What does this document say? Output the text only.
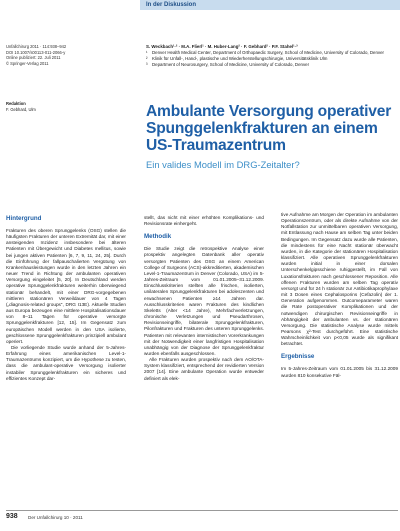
In der Diskussion
Unfallchirurg 2011 · 114:938–942
DOI 10.1007/s00113-011-2066-y
Online publiziert: 22. Juli 2011
© Springer-Verlag 2011
S. Weckbach¹·² · M.A. Flierl¹ · M. Huber-Lang² · F. Gebhard² · P.F. Stahel¹·³
¹	Denver Health Medical Center, Department of Orthopaedic Surgery, School of Medicine, University of Colorado, Denver
²	Klinik für Unfall-, Hand-, plastische und Wiederherstellungschirurgie, Universitätsklinik Ulm
³	Department of Neurosurgery, School of Medicine, University of Colorado, Denver
Redaktion
F. Gebhard, Ulm	Ambulante Versorgung operativer Spunggelenkfrakturen an einem US-Traumazentrum
Ein valides Modell im DRG-Zeitalter?
Hintergrund

Frakturen des oberen Sprunggelenks (OSG) stellen die häufigsten Frakturen der unteren Extremität dar, mit einer ansteigenden Inzidenz insbesondere bei älteren Patienten mit Übergewicht und Diabetes mellitus, sowie bei jungen aktiven Patienten [6, 7, 9, 11, 24, 25]. Durch die Einführung der fallpauschalierten Vergütung von Krankenhausleistungen wurde in den letzten Jahren ein neuer Trend in Richtung der ambulanten operativen Versorgung eingeleitet [5, 20]. In Deutschland werden operative Sprunggelenkfrakturen weiterhin überwiegend stationär behandelt, mit einer DRG-vorgegebenen mittleren stationären Verweildauer von 4 Tagen („diagnosis-related groups“, DRG I13E). Aktuelle Studien aus Europa bezeugen eine mittlere Hospitalisationsdauer von 8–11 Tagen für operative versorgte Sprunggelenkfrakturen [12, 15]. Im Gegensatz zum europäischen Modell werden in den USA isolierte, geschlossene Sprunggelenkfrakturen prinzipiell ambulant operiert.

Die vorliegende Studie wurde anhand der 5-Jahres-Erfahrung eines amerikanischen Level-1-Traumazentrums konzipiert, um die Hypothese zu testen, dass die ambulant-operative Versorgung isolierter instabiler Sprunggelenkfrakturen ein sicheres und effizientes Konzept dar-

stellt, das nicht mit einer erhöhten Komplikations- und Revisionsrate einhergeht.

Methodik

Die Studie zeigt die retrospektive Analyse einer prospektiv angelegten Datenbank aller operativ versorgten Patienten des OSG an einem American College of Surgeons (ACS)-akkreditierten, akademischen Level-1-Traumazentrum in Denver (Colorado, USA) im 5-Jahres-Zeitraum vom 01.01.2005–31.12.2009. Einschlusskriterien stellten alle frischen, isolierten, unilateralen Sprunggelenkfrakturen bei adoleszenten und erwachsenen Patienten ≥14 Jahren dar. Ausschlusskriterien waren Frakturen des kindlichen Skeletts (Alter <14 Jahre), Mehrfachverletzungen, chronische Verletzungen und Pseudarthrosen, Revisionseingriffe, bilaterale Sprunggelenkfrakturen, Pilonfrakturen und Frakturen des unteren Sprunggelenks. Patienten mit relevanten internistischen Vorerkrankungen mit der Notwendigkeit einer langfristigen Hospitalisation unabhängig von der Diagnose der Sprunggelenkfraktur wurden ebenfalls ausgeschlossen.

Alle Frakturen wurden prospektiv nach dem AO/OTA-System klassifiziert, entsprechend der revidierten Version 2007 [14]. Eine ambulante Operation wurde entweder definiert als elek-

tive Aufnahme am Morgen der Operation im ambulanten Operationszentrum, oder als direkte Aufnahme von der Notfallstation zur unmittelbaren operativen Versorgung, mit Entlassung nach Hause am selben Tag unter beiden Bedingungen. Im Gegensatz dazu wurde alle Patienten, die mindestens für eine Nacht stationär überwacht wurden, in die Kategorie der stationären Hospitalisation klassifiziert. Alle operativen Sprunggelenkfrakturen wurden initial in einer dorsalen Unterschenkelgipsschiene ruhiggestellt, im Fall von Luxationsfrakturen nach geschlossener Reposition. Alle offenen Frakturen wurden am selben Tag operativ versorgt und für 24 h stationär zur Antibiotikaprophylaxe mit 3 Dosen eines Cephalosporins (Cefazolin) der 1. Generation aufgenommen. Outcomeparameter waren die Rate postoperativer Komplikationen und der notwendigen chirurgischen Revisionseingriffe in Abhängigkeit der ambulanten vs. der stationären Versorgung. Die statistische Analyse wurde mittels Pearsons χ²-Test durchgeführt. Eine statistische Wahrscheinlichkeit von p<0,05 wurde als signifikant betrachtet.

Ergebnisse

Im 5-Jahres-Zeitraum vom 01.01.2005 bis 31.12.2009 wurden 810 konsekutive Fäl-

938 Der Unfallchirurg 10 · 2011
